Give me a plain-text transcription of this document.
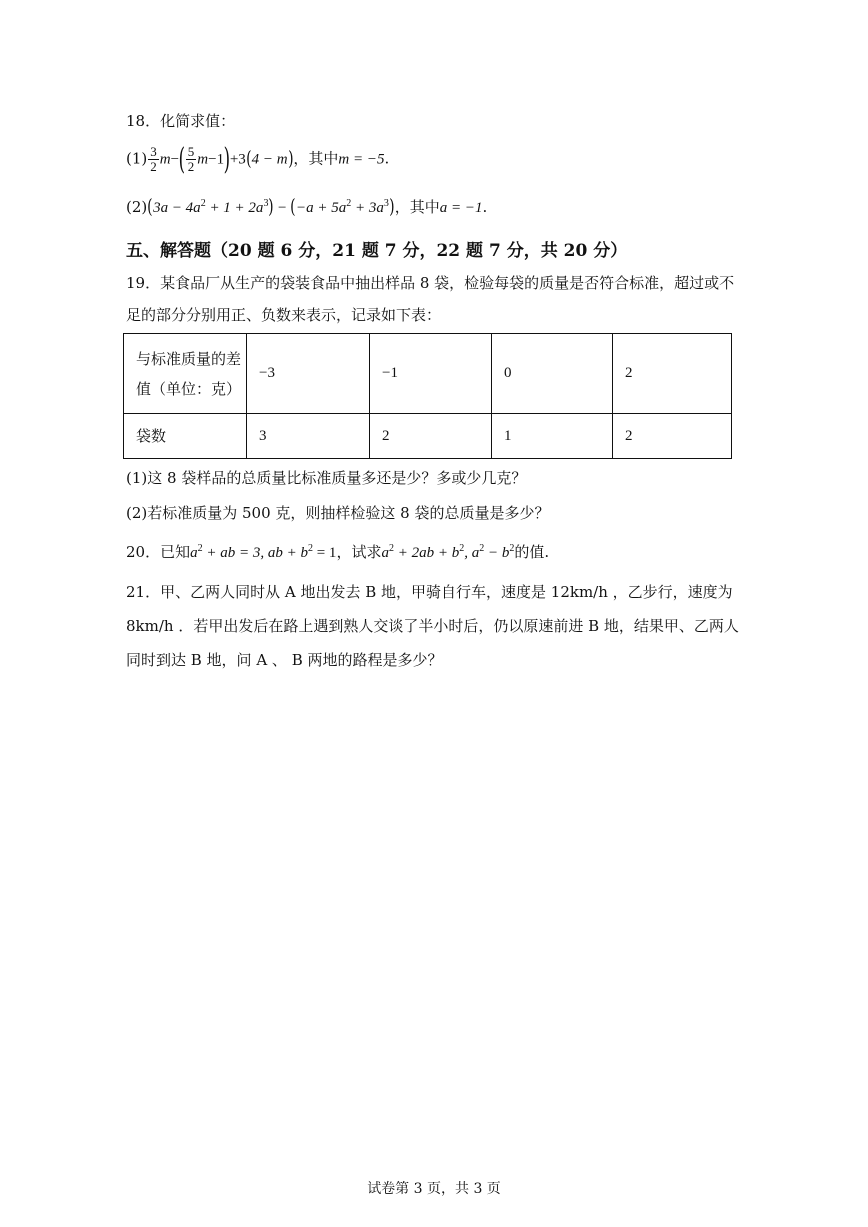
18．化简求值：
$(1) \frac{3}{2} m-( \frac{5}{2} m-1)+3(4 - m)$，其中m = −5.
$(2)(3a - 4a^2 + 1 + 2a^3) - (-a + 5a^2 + 3a^3)$，其中a = −1.
五、解答题（20 题 6 分，21 题 7 分，22 题 7 分，共 20 分）
19．某食品厂从生产的袋装食品中抽出样品 8 袋，检验每袋的质量是否符合标准，超过或不
足的部分分别用正、负数来表示，记录如下表：
与标准质量的差值（单位：克）	−3	−1	0	2
袋数	3	2	1	2
(1)这 8 袋样品的总质量比标准质量多还是少？多或少几克？
(2)若标准质量为 500 克，则抽样检验这 8 袋的总质量是多少？
20．已知$a^2$ + ab = 3, ab + $b^2 = 1$，试求$a^2 + 2ab + b^2$, $a^2 - b^2$的值.
21．甲、乙两人同时从 A 地出发去 B 地，甲骑自行车，速度是 12km/h ，乙步行，速度为
8km/h ．若甲出发后在路上遇到熟人交谈了半小时后，仍以原速前进 B 地，结果甲、乙两人
同时到达 B 地，问 A 、 B 两地的路程是多少？
试卷第 3 页，共 3 页
